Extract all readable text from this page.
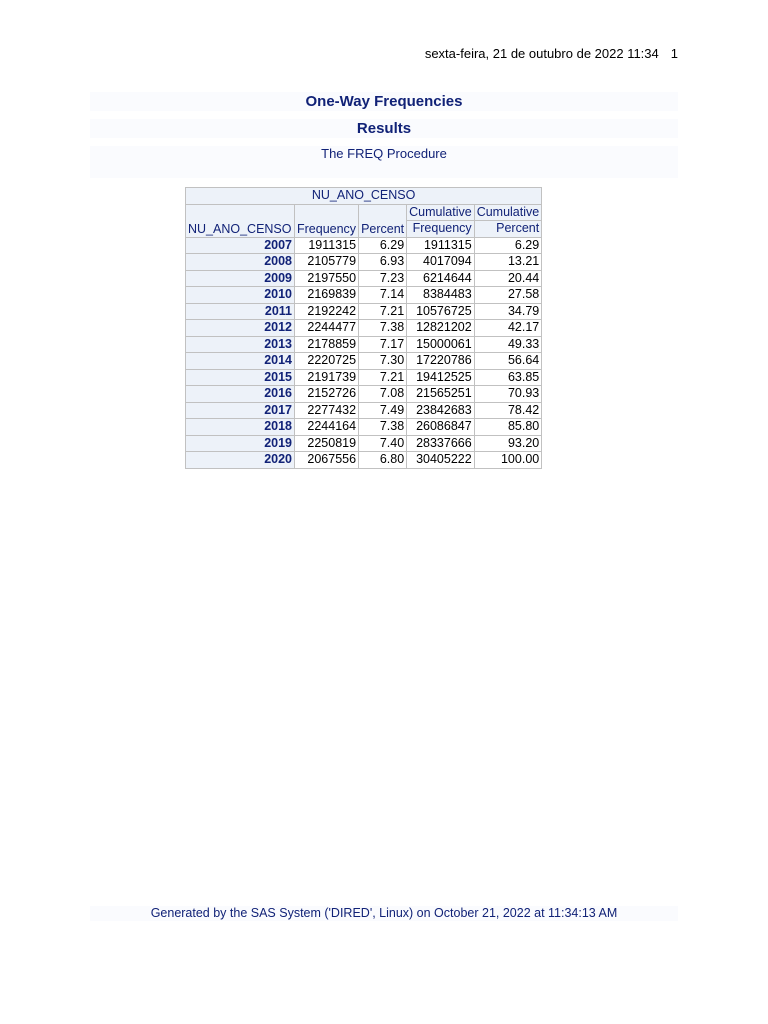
sexta-feira, 21 de outubro de 2022 11:34 1
One-Way Frequencies
Results
The FREQ Procedure
NU_ANO_CENSO				
NU_ANO_CENSO	Frequency	Percent	Cumulative	Cumulative
			Frequency	Percent
2007	1911315	6.29	1911315	6.29
2008	2105779	6.93	4017094	13.21
2009	2197550	7.23	6214644	20.44
2010	2169839	7.14	8384483	27.58
2011	2192242	7.21	10576725	34.79
2012	2244477	7.38	12821202	42.17
2013	2178859	7.17	15000061	49.33
2014	2220725	7.30	17220786	56.64
2015	2191739	7.21	19412525	63.85
2016	2152726	7.08	21565251	70.93
2017	2277432	7.49	23842683	78.42
2018	2244164	7.38	26086847	85.80
2019	2250819	7.40	28337666	93.20
2020	2067556	6.80	30405222	100.00
Generated by the SAS System ('DIRED', Linux) on October 21, 2022 at 11:34:13 AM
